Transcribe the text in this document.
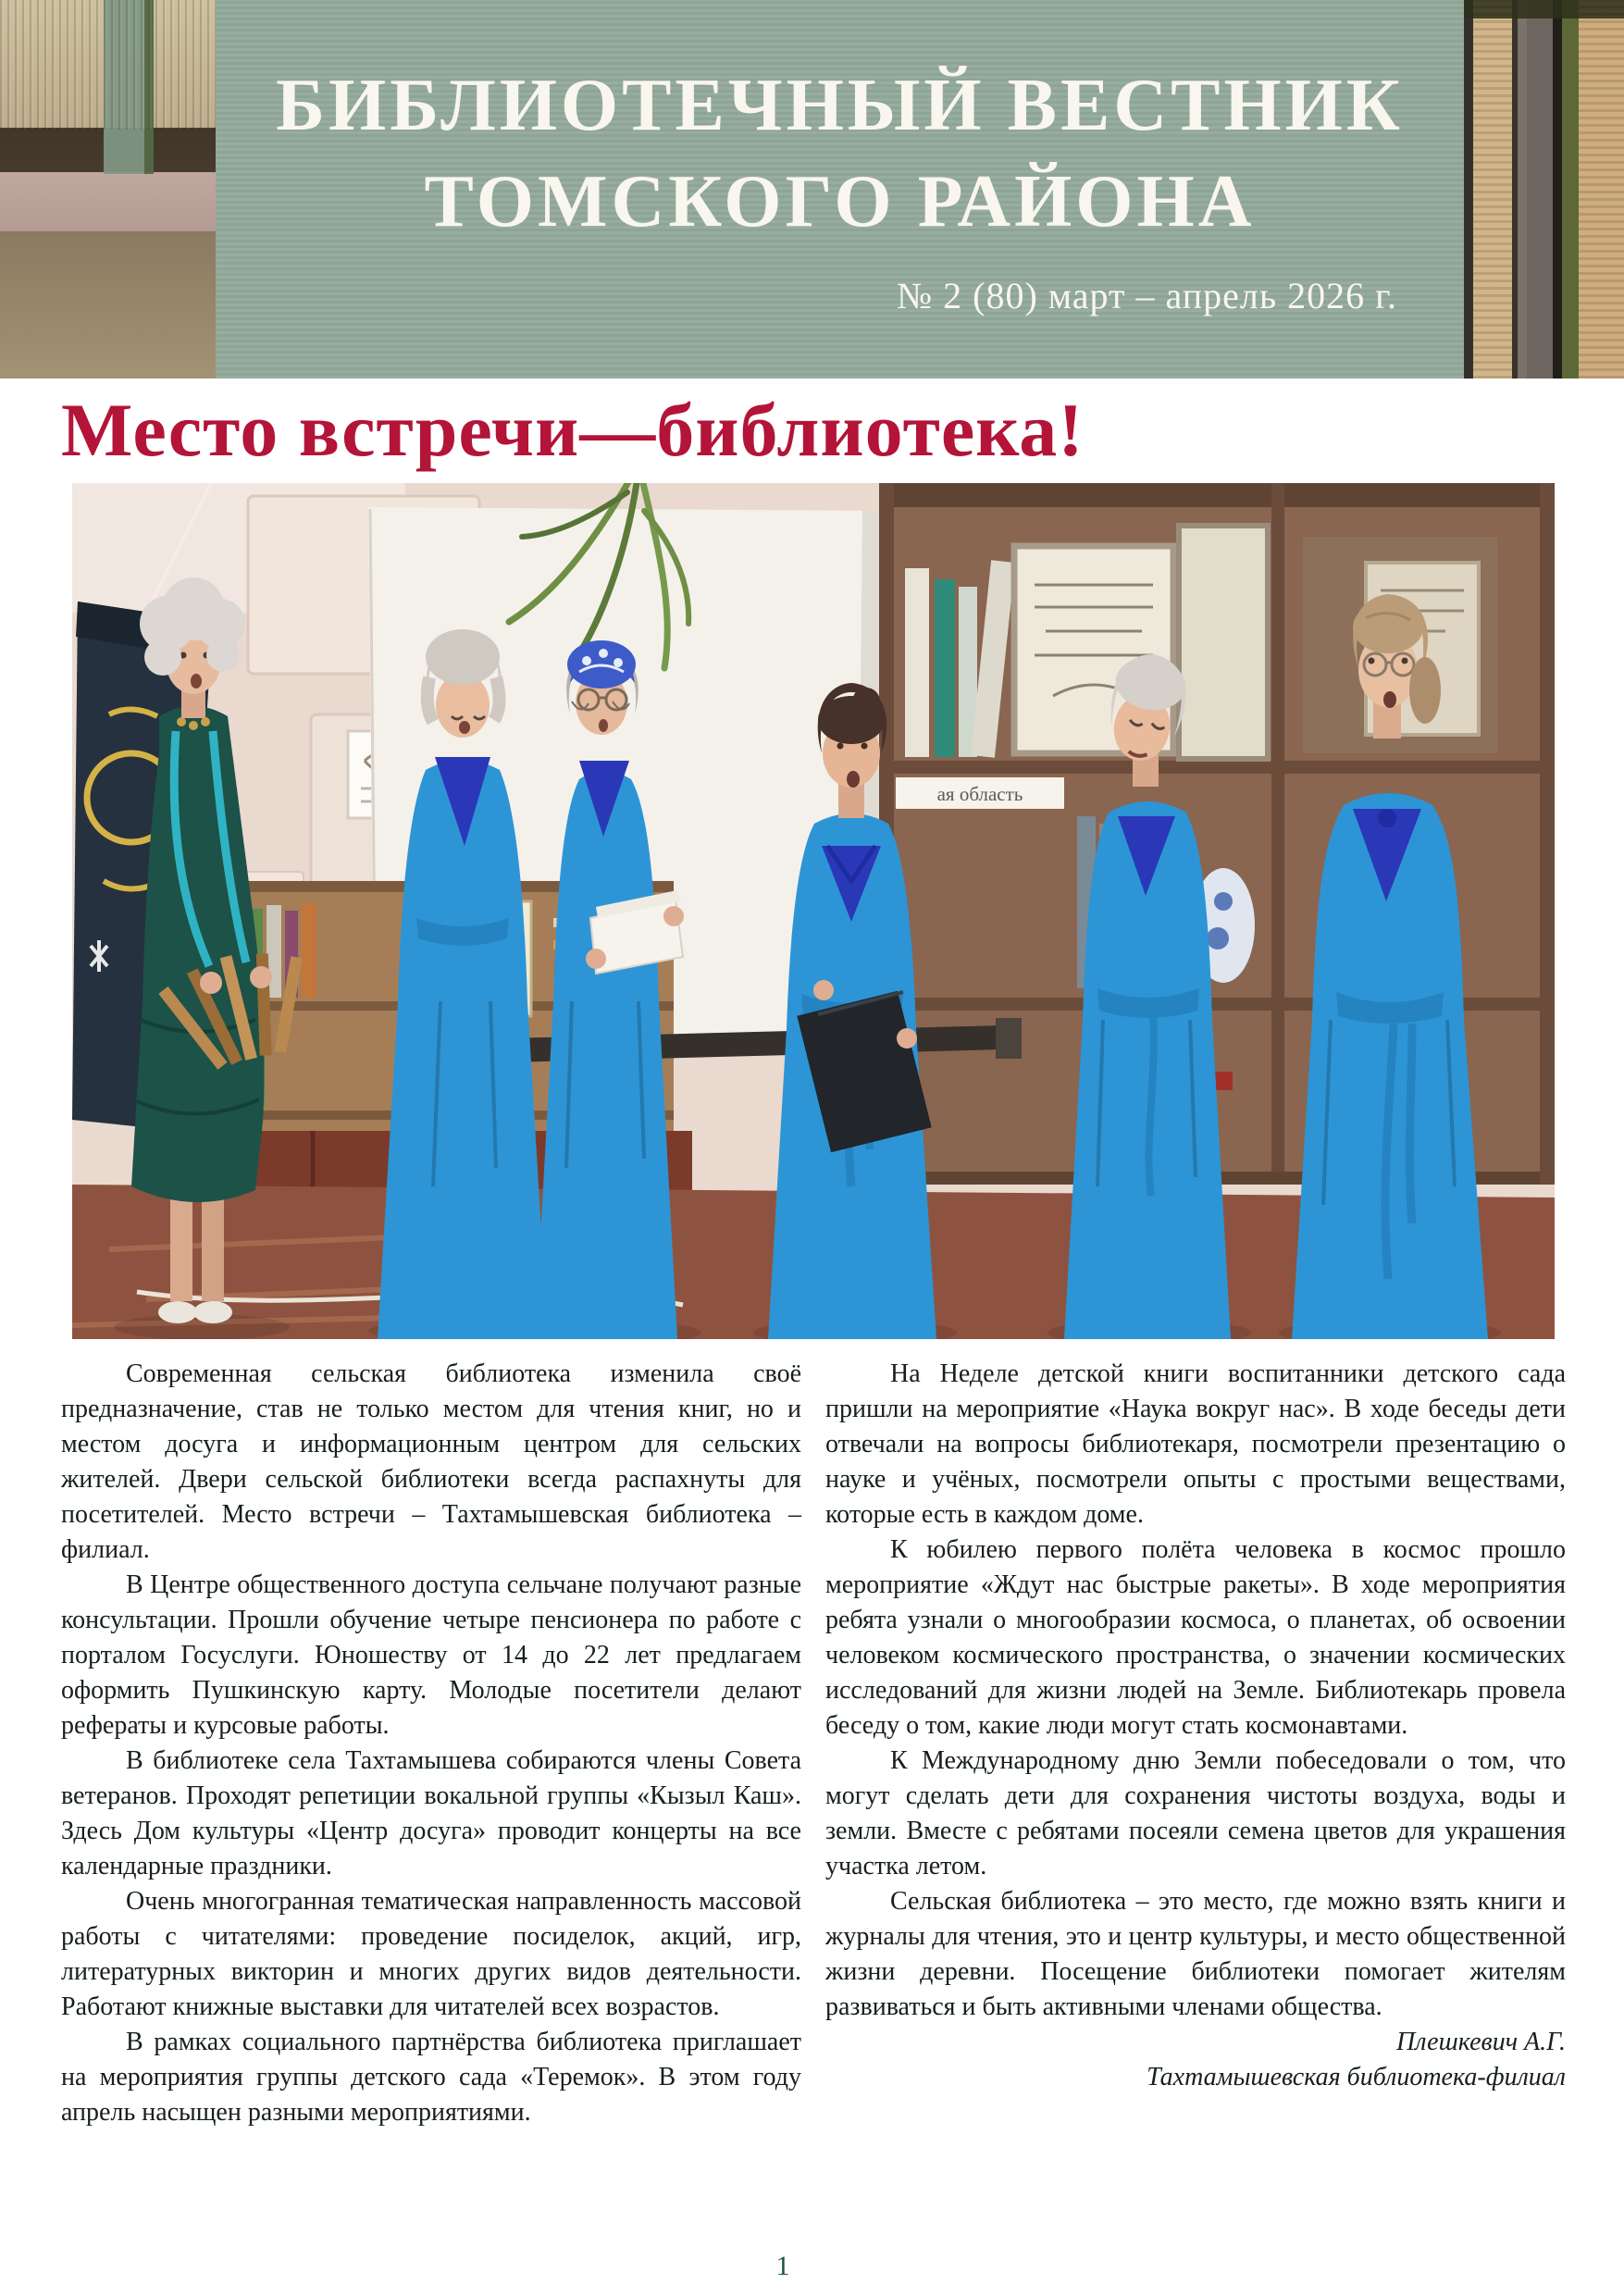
БИБЛИОТЕЧНЫЙ ВЕСТНИК
ТОМСКОГО РАЙОНА
№ 2 (80) март – апрель 2026 г.
Место встречи—библиотека!
ая область

Современная сельская библиотека изменила своё предназначение, став не только местом для чтения книг, но и местом досуга и информационным центром для сельских жителей. Двери сельской библиотеки всегда распахнуты для посетителей. Место встречи – Тахтамышевская библиотека – филиал.

В Центре общественного доступа сельчане получают разные консультации. Прошли обучение четыре пенсионера по работе с порталом Госуслуги. Юношеству от 14 до 22 лет предлагаем оформить Пушкинскую карту. Молодые посетители делают рефераты и курсовые работы.

В библиотеке села Тахтамышева собираются члены Совета ветеранов. Проходят репетиции вокальной группы «Кызыл Каш». Здесь Дом культуры «Центр досуга» проводит концерты на все календарные праздники.

Очень многогранная тематическая направленность массовой работы с читателями: проведение посиделок, акций, игр, литературных викторин и многих других видов деятельности. Работают книжные выставки для читателей всех возрастов.

В рамках социального партнёрства библиотека приглашает на мероприятия группы детского сада «Теремок». В этом году апрель насыщен разными мероприятиями.

На Неделе детской книги воспитанники детского сада пришли на мероприятие «Наука вокруг нас». В ходе беседы дети отвечали на вопросы библиотекаря, посмотрели презентацию о науке и учёных, посмотрели опыты с простыми веществами, которые есть в каждом доме.

К юбилею первого полёта человека в космос прошло мероприятие «Ждут нас быстрые ракеты». В ходе мероприятия ребята узнали о многообразии космоса, о планетах, об освоении человеком космического пространства, о значении космических исследований для жизни людей на Земле. Библиотекарь провела беседу о том, какие люди могут стать космонавтами.

К Международному дню Земли побеседовали о том, что могут сделать дети для сохранения чистоты воздуха, воды и земли. Вместе с ребятами посеяли семена цветов для украшения участка летом.

Сельская библиотека – это место, где можно взять книги и журналы для чтения, это и центр культуры, и место общественной жизни деревни. Посещение библиотеки помогает жителям развиваться и быть активными членами общества.

Плешкевич А.Г.

Тахтамышевская библиотека-филиал

1
